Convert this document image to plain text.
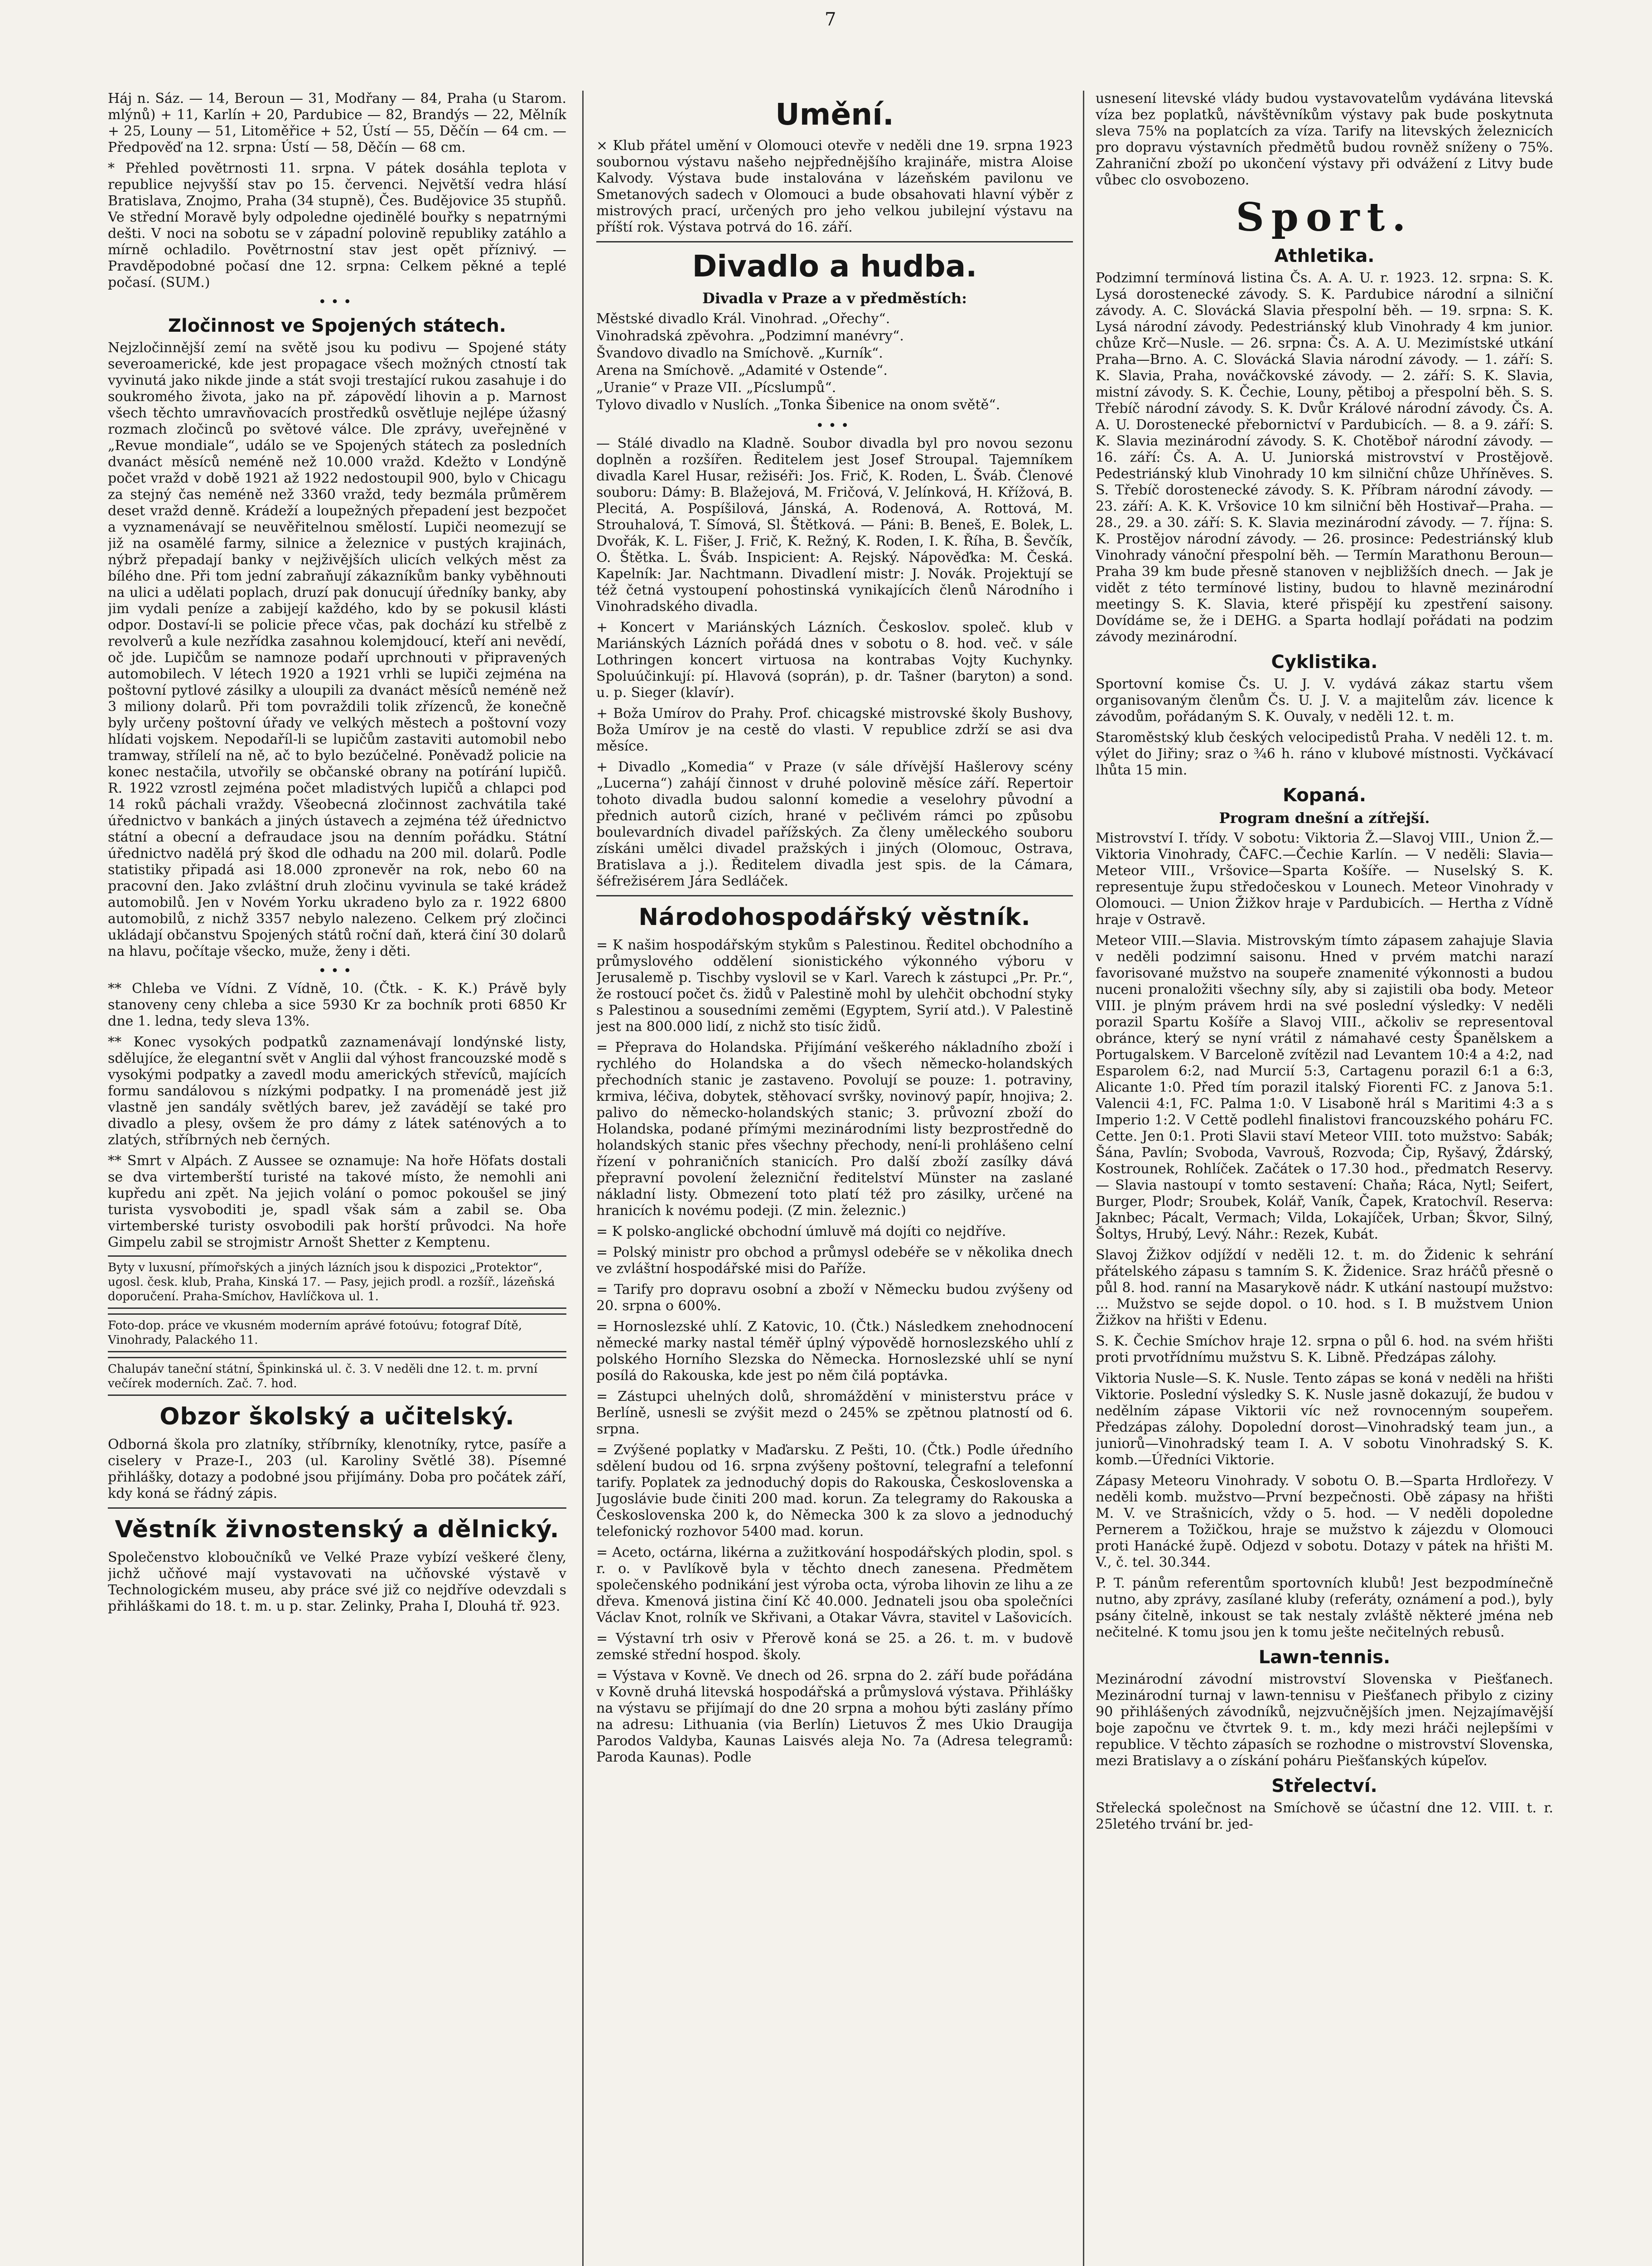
7

Háj n. Sáz. — 14, Beroun — 31, Modřany — 84, Praha (u Starom. mlýnů) + 11, Karlín + 20, Pardubice — 82, Brandýs — 22, Mělník + 25, Louny — 51, Litoměřice + 52, Ústí — 55, Děčín — 64 cm. — Předpověď na 12. srpna: Ústí — 58, Děčín — 68 cm.

* Přehled povětrnosti 11. srpna. V pátek dosáhla teplota v republice nejvyšší stav po 15. červenci. Největší vedra hlásí Bratislava, Znojmo, Praha (34 stupně), Čes. Budějovice 35 stupňů. Ve střední Moravě byly odpoledne ojedinělé bouřky s nepatrnými dešti. V noci na sobotu se v západní polovině republiky zatáhlo a mírně ochladilo. Povětrnostní stav jest opět příznivý. — Pravděpodobné počasí dne 12. srpna: Celkem pěkné a teplé počasí. (SUM.)

•••
Zločinnost ve Spojených státech.

Nejzločinnější zemí na světě jsou ku podivu — Spojené státy severoamerické, kde jest propagace všech možných ctností tak vyvinutá jako nikde jinde a stát svoji trestající rukou zasahuje i do soukromého života, jako na př. zápovědí lihovin a p. Marnost všech těchto umravňovacích prostředků osvětluje nejlépe úžasný rozmach zločinců po světové válce. Dle zprávy, uveřejněné v „Revue mondiale“, událo se ve Spojených státech za posledních dvanáct měsíců neméně než 10.000 vražd. Kdežto v Londýně počet vražd v době 1921 až 1922 nedostoupil 900, bylo v Chicagu za stejný čas neméně než 3360 vražd, tedy bezmála průměrem deset vražd denně. Krádeží a loupežných přepadení jest bezpočet a vyznamenávají se neuvěřitelnou smělostí. Lupiči neomezují se již na osamělé farmy, silnice a železnice v pustých krajinách, nýbrž přepadají banky v nejživějších ulicích velkých měst za bílého dne. Při tom jední zabraňují zákazníkům banky vyběhnouti na ulici a udělati poplach, druzí pak donucují úředníky banky, aby jim vydali peníze a zabijejí každého, kdo by se pokusil klásti odpor. Dostaví-li se policie přece včas, pak dochází ku střelbě z revolverů a kule nezřídka zasahnou kolemjdoucí, kteří ani nevědí, oč jde. Lupičům se namnoze podaří uprchnouti v připravených automobilech. V létech 1920 a 1921 vrhli se lupiči zejména na poštovní pytlové zásilky a uloupili za dvanáct měsíců neméně než 3 miliony dolarů. Při tom povraždili tolik zřízenců, že konečně byly určeny poštovní úřady ve velkých městech a poštovní vozy hlídati vojskem. Nepodaříl-li se lupičům zastaviti automobil nebo tramway, střílelí na ně, ač to bylo bezúčelné. Poněvadž policie na konec nestačila, utvořily se občanské obrany na potírání lupičů. R. 1922 vzrostl zejména počet mladistvých lupičů a chlapci pod 14 roků páchali vraždy. Všeobecná zločinnost zachvátila také úřednictvo v bankách a jiných ústavech a zejména též úřednictvo státní a obecní a defraudace jsou na denním pořádku. Státní úřednictvo nadělá prý škod dle odhadu na 200 mil. dolarů. Podle statistiky připadá asi 18.000 zpronevěr na rok, nebo 60 na pracovní den. Jako zvláštní druh zločinu vyvinula se také krádež automobilů. Jen v Novém Yorku ukradeno bylo za r. 1922 6800 automobilů, z nichž 3357 nebylo nalezeno. Celkem prý zločinci ukládají občanstvu Spojených států roční daň, která činí 30 dolarů na hlavu, počítaje všecko, muže, ženy i děti.

•••

** Chleba ve Vídni. Z Vídně, 10. (Čtk. - K. K.) Právě byly stanoveny ceny chleba a sice 5930 Kr za bochník proti 6850 Kr dne 1. ledna, tedy sleva 13%.

** Konec vysokých podpatků zaznamenávají londýnské listy, sdělujíce, že elegantní svět v Anglii dal výhost francouzské modě s vysokými podpatky a zavedl modu amerických střevíců, majících formu sandálovou s nízkými podpatky. I na promenádě jest již vlastně jen sandály světlých barev, jež zavádějí se také pro divadlo a plesy, ovšem že pro dámy z látek saténových a to zlatých, stříbrných neb černých.

** Smrt v Alpách. Z Aussee se oznamuje: Na hoře Höfats dostali se dva virtemberští turisté na takové místo, že nemohli ani kupředu ani zpět. Na jejich volání o pomoc pokoušel se jiný turista vysvoboditi je, spadl však sám a zabil se. Oba virtemberské turisty osvobodili pak horští průvodci. Na hoře Gimpelu zabil se strojmistr Arnošt Shetter z Kemptenu.

Byty v luxusní, přímořských a jiných lázních jsou k dispozici „Protektor“, ugosl. česk. klub, Praha, Kinská 17. — Pasy, jejich prodl. a rozšíř., lázeňská doporučení. Prahа-Smíchov, Havlíčkova ul. 1.
Foto-dop. práce ve vkusném moderním aprávé fotoúvu; fotograf Dítě, Vinohrady, Palackého 11.
Chalupáv taneční státní, Špinkinská ul. č. 3. V neděli dne 12. t. m. první večírek moderních. Zač. 7. hod.
Obzor školský a učitelský.

Odborná škola pro zlatníky, stříbrníky, klenotníky, rytce, pasíře a ciselery v Praze-I., 203 (ul. Karoliny Světlé 38). Písemné přihlášky, dotazy a podobné jsou přijímány. Doba pro počátek září, kdy koná se řádný zápis.

Věstník živnostenský a dělnický.

Společenstvo kloboučníků ve Velké Praze vybízí veškeré členy, jichž učňové mají vystavovati na učňovské výstavě v Technologickém museu, aby práce své již co nejdříve odevzdali s přihláškami do 18. t. m. u p. star. Zelinky, Praha I, Dlouhá tř. 923.

Umění.

× Klub přátel umění v Olomouci otevře v neděli dne 19. srpna 1923 soubornou výstavu našeho nejpřednějšího krajináře, mistra Aloise Kalvody. Výstava bude instalována v lázeňském pavilonu ve Smetanových sadech v Olomouci a bude obsahovati hlavní výběr z mistrových prací, určených pro jeho velkou jubilejní výstavu na příští rok. Výstava potrvá do 16. září.

Divadlo a hudba.
Divadla v Praze a v předměstích:
Městské divadlo Král. Vinohrad. „Ořechy“.
Vinohradská zpěvohra. „Podzimní manévry“.
Švandovo divadlo na Smíchově. „Kurník“.
Arena na Smíchově. „Adamité v Ostende“.
„Uranie“ v Praze VII. „Pícslumpů“.
Tylovo divadlo v Nuslích. „Tonka Šibenice na onom světě“.
•••

— Stálé divadlo na Kladně. Soubor divadla byl pro novou sezonu doplněn a rozšířen. Ředitelem jest Josef Stroupal. Tajemníkem divadla Karel Husar, režiséři: Jos. Frič, K. Roden, L. Šváb. Členové souboru: Dámy: B. Blažejová, M. Fričová, V. Jelínková, H. Křížová, B. Plecitá, A. Pospíšilová, Jánská, A. Rodenová, A. Rottová, M. Strouhalová, T. Símová, Sl. Štětková. — Páni: B. Beneš, E. Bolek, L. Dvořák, K. L. Fišer, J. Frič, K. Režný, K. Roden, I. K. Říha, B. Ševčík, O. Štětka. L. Šváb. Inspicient: A. Rejský. Nápověďka: M. Česká. Kapelník: Jar. Nachtmann. Divadlení mistr: J. Novák. Projektují se též četná vystoupení pohostinská vynikajících členů Národního i Vinohradského divadla.

+ Koncert v Mariánských Lázních. Českoslov. společ. klub v Mariánských Lázních pořádá dnes v sobotu o 8. hod. več. v sále Lothringen koncert virtuosa na kontrabas Vojty Kuchynky. Spoluúčinkují: pí. Hlavová (soprán), p. dr. Tašner (baryton) a sond. u. p. Sieger (klavír).

+ Boža Umírov do Prahy. Prof. chicagské mistrovské školy Bushovy, Boža Umírov je na cestě do vlasti. V republice zdrží se asi dva měsíce.

+ Divadlo „Komedia“ v Praze (v sále dřívější Hašlerovy scény „Lucerna“) zahájí činnost v druhé polovině měsíce září. Repertoir tohoto divadla budou salonní komedie a veselohry původní a přednich autorů cizích, hrané v pečlivém rámci po způsobu boulevardních divadel pařížských. Za členy uměleckého souboru získáni umělci divadel pražských i jiných (Olomouc, Ostrava, Bratislava a j.). Ředitelem divadla jest spis. de la Cámara, šéfrežisérem Jára Sedláček.

Národohospodářský věstník.

= K našim hospodářským stykům s Palestinou. Ředitel obchodního a průmyslového oddělení sionistického výkonného výboru v Jerusalemě p. Tischby vyslovil se v Karl. Varech k zástupci „Pr. Pr.“, že rostoucí počet čs. židů v Palestině mohl by ulehčit obchodní styky s Palestinou a sousedními zeměmi (Egyptem, Syrií atd.). V Palestině jest na 800.000 lidí, z nichž sto tisíc židů.

= Přeprava do Holandska. Přijímání veškerého nákladního zboží i rychlého do Holandska a do všech německo-holandských přechodních stanic je zastaveno. Povolují se pouze: 1. potraviny, krmiva, léčiva, dobytek, stěhovací svršky, novinový papír, hnojiva; 2. palivo do německo-holandských stanic; 3. průvozní zboží do Holandska, podané přímými mezinárodními listy bezprostředně do holandských stanic přes všechny přechody, není-li prohlášeno celní řízení v pohraničních stanicích. Pro další zboží zasílky dává přepravní povolení železniční ředitelství Münster na zaslané nákladní listy. Obmezení toto platí též pro zásilky, určené na hranicích k novému podeji. (Z min. železnic.)

= K polsko-anglické obchodní úmluvě má dojíti co nejdříve.

= Polský ministr pro obchod a průmysl odebéře se v několika dnech ve zvláštní hospodářské misi do Paříže.

= Tarify pro dopravu osobní a zboží v Německu budou zvýšeny od 20. srpna o 600%.

= Hornoslezské uhlí. Z Katovic, 10. (Čtk.) Následkem znehodnocení německé marky nastal téměř úplný výpovědě hornoslezského uhlí z polského Horního Slezska do Německa. Hornoslezské uhlí se nyní posílá do Rakouska, kde jest po něm čilá poptávka.

= Zástupci uhelných dolů, shromáždění v ministerstvu práce v Berlíně, usnesli se zvýšit mezd o 245% se zpětnou platností od 6. srpna.

= Zvýšené poplatky v Maďarsku. Z Pešti, 10. (Čtk.) Podle úředního sdělení budou od 16. srpna zvýšeny poštovní, telegrafní a telefonní tarify. Poplatek za jednoduchý dopis do Rakouska, Československa a Jugoslávie bude činiti 200 mad. korun. Za telegramy do Rakouska a Československa 200 k, do Německa 300 k za slovo a jednoduchý telefonický rozhovor 5400 mad. korun.

= Aceto, octárna, likérna a zužitkování hospodářských plodin, spol. s r. o. v Pavlíkově byla v těchto dnech zanesena. Předmětem společenského podnikání jest výroba octa, výroba lihovin ze lihu a ze dřeva. Kmenová jistina činí Kč 40.000. Jednateli jsou oba společníci Václav Knot, rolník ve Skřivani, a Otakar Vávra, stavitel v Lašovicích.

= Výstavní trh osiv v Přerově koná se 25. a 26. t. m. v budově zemské střední hospod. školy.

= Výstava v Kovně. Ve dnech od 26. srpna do 2. září bude pořádána v Kovně druhá litevská hospodářská a průmyslová výstava. Přihlášky na výstavu se přijímají do dne 20 srpna a mohou býti zaslány přímo na adresu: Lithuania (via Berlín) Lietuvos Ž mes Ukio Draugija Parodos Valdyba, Kaunas Laisvés aleja No. 7a (Adresa telegramů: Paroda Kaunas). Podle

usnesení litevské vlády budou vystavovatelům vydávána litevská víza bez poplatků, návštěvníkům výstavy pak bude poskytnuta sleva 75% na poplatcích za víza. Tarify na litevských železnicích pro dopravu výstavních předmětů budou rovněž sníženy o 75%. Zahraniční zboží po ukončení výstavy při odvážení z Litvy bude vůbec clo osvobozeno.

Sport.
Athletika.

Podzimní termínová listina Čs. A. A. U. r. 1923. 12. srpna: S. K. Lysá dorostenecké závody. S. K. Pardubice národní a silniční závody. A. C. Slovácká Slavia přespolní běh. — 19. srpna: S. K. Lysá národní závody. Pedestriánský klub Vinohrady 4 km junior. chůze Krč—Nusle. — 26. srpna: Čs. A. A. U. Mezimístské utkání Praha—Brno. A. C. Slovácká Slavia národní závody. — 1. září: S. K. Slavia, Praha, nováčkovské závody. — 2. září: S. K. Slavia, mistní závody. S. K. Čechie, Louny, pětiboj a přespolní běh. S. S. Třebíč národní závody. S. K. Dvůr Králové národní závody. Čs. A. A. U. Dorostenecké přebornictví v Pardubicích. — 8. a 9. září: S. K. Slavia mezinárodní závody. S. K. Chotěboř národní závody. — 16. září: Čs. A. A. U. Juniorská mistrovství v Prostějově. Pedestriánský klub Vinohrady 10 km silniční chůze Uhříněves. S. S. Třebíč dorostenecké závody. S. K. Příbram národní závody. — 23. září: A. K. K. Vršovice 10 km silniční běh Hostivař—Praha. — 28., 29. a 30. září: S. K. Slavia mezinárodní závody. — 7. října: S. K. Prostějov národní závody. — 26. prosince: Pedestriánský klub Vinohrady vánoční přespolní běh. — Termín Marathonu Beroun—Praha 39 km bude přesně stanoven v nejbližších dnech. — Jak je vidět z této termínové listiny, budou to hlavně mezinárodní meetingy S. K. Slavia, které přispějí ku zpestření saisony. Dovídáme se, že i DEHG. a Sparta hodlají pořádati na podzim závody mezinárodní.

Cyklistika.

Sportovní komise Čs. U. J. V. vydává zákaz startu všem organisovaným členům Čs. U. J. V. a majitelům záv. licence k závodům, pořádaným S. K. Ouvaly, v neděli 12. t. m.

Staroměstský klub českých velocipedistů Praha. V neděli 12. t. m. výlet do Jiřiny; sraz o ¾6 h. ráno v klubové místnosti. Vyčkávací lhůta 15 min.

Kopaná.
Program dnešní a zítřejší.

Mistrovství I. třídy. V sobotu: Viktoria Ž.—Slavoj VIII., Union Ž.—Viktoria Vinohrady, ČAFC.—Čechie Karlín. — V neděli: Slavia—Meteor VIII., Vršovice—Sparta Košíře. — Nuselský S. K. representuje župu středočeskou v Lounech. Meteor Vinohrady v Olomouci. — Union Žižkov hraje v Pardubicích. — Hertha z Vídně hraje v Ostravě.

Meteor VIII.—Slavia. Mistrovským tímto zápasem zahajuje Slavia v neděli podzimní saisonu. Hned v prvém matchi narazí favorisované mužstvo na soupeře znamenité výkonnosti a budou nuceni pronaložiti všechny síly, aby si zajistili oba body. Meteor VIII. je plným právem hrdi na své poslední výsledky: V neděli porazil Spartu Košíře a Slavoj VIII., ačkoliv se representoval obránce, který se nyní vrátil z námahavé cesty Španělskem a Portugalskem. V Barceloně zvítězil nad Levantem 10:4 a 4:2, nad Esparolem 6:2, nad Murcií 5:3, Cartagenu porazil 6:1 a 6:3, Alicante 1:0. Před tím porazil italský Fiorenti FC. z Janova 5:1. Valencii 4:1, FC. Palma 1:0. V Lisaboně hrál s Maritimi 4:3 a s Imperio 1:2. V Cettě podlehl finalistovi francouzského poháru FC. Cette. Jen 0:1. Proti Slavii staví Meteor VIII. toto mužstvo: Sabák; Šána, Pavlín; Svoboda, Vavrouš, Rozvoda; Čip, Ryšavý, Ždárský, Kostrounek, Rohlíček. Začátek o 17.30 hod., předmatch Reservy. — Slavia nastoupí v tomto sestavení: Chaňa; Ráca, Nytl; Seifert, Burger, Plodr; Sroubek, Kolář, Vaník, Čapek, Kratochvíl. Reserva: Jaknbec; Pácalt, Vermach; Vilda, Lokajíček, Urban; Škvor, Silný, Šoltys, Hrubý, Levý. Náhr.: Rezek, Kubát.

Slavoj Žižkov odjíždí v neděli 12. t. m. do Židenic k sehrání přátelského zápasu s tamním S. K. Židenice. Sraz hráčů přesně o půl 8. hod. ranní na Masarykově nádr. K utkání nastoupí mužstvo: ... Mužstvo se sejde dopol. o 10. hod. s I. B mužstvem Union Žižkov na hřišti v Edenu.

S. K. Čechie Smíchov hraje 12. srpna o půl 6. hod. na svém hřišti proti prvotřídnímu mužstvu S. K. Libně. Předzápas zálohy.

Viktoria Nusle—S. K. Nusle. Tento zápas se koná v neděli na hřišti Viktorie. Poslední výsledky S. K. Nusle jasně dokazují, že budou v nedělním zápase Viktorii víc než rovnocenným soupeřem. Předzápas zálohy. Dopolední dorost—Vinohradský team jun., a juniorů—Vinohradský team I. A. V sobotu Vinohradský S. K. komb.—Úředníci Viktorie.

Zápasy Meteoru Vinohrady. V sobotu O. B.—Sparta Hrdlořezy. V neděli komb. mužstvo—První bezpečnosti. Obě zápasy na hřišti M. V. ve Strašnicích, vždy o 5. hod. — V neděli dopoledne Pernerem a Tožičkou, hraje se mužstvo k zájezdu v Olomouci proti Hanácké župě. Odjezd v sobotu. Dotazy v pátek na hřišti M. V., č. tel. 30.344.

P. T. pánům referentům sportovních klubů! Jest bezpodmínečně nutno, aby zprávy, zasílané kluby (referáty, oznámení a pod.), byly psány čitelně, inkoust se tak nestaly zvláště některé jména neb nečitelné. K tomu jsou jen k tomu ješte nečitelných rebusů.

Lawn-tennis.

Mezinárodní závodní mistrovství Slovenska v Piešťanech. Mezinárodní turnaj v lawn-tennisu v Piešťanech přibylo z ciziny 90 přihlášených závodníků, nejzvučnějších jmen. Nejzajímavější boje započnu ve čtvrtek 9. t. m., kdy mezi hráči nejlepšími v republice. V těchto zápasích se rozhodne o mistrovství Slovenska, mezi Bratislavy a o získání poháru Piešťanských kúpeľov.

Střelectví.

Střelecká společnost na Smíchově se účastní dne 12. VIII. t. r. 25letého trvání br. jed-
